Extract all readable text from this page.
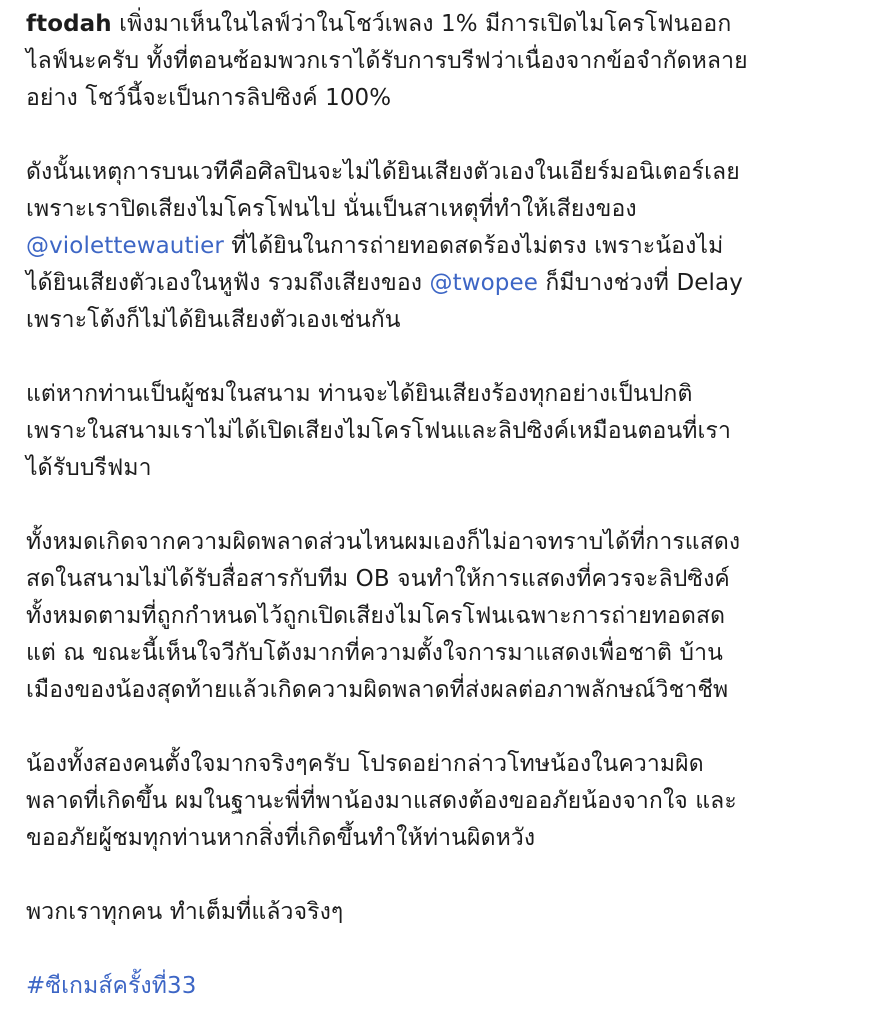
ftodah เพิ่งมาเห็นในไลฟ์ว่าในโชว์เพลง 1% มีการเปิดไมโครโฟนออก
ไลฟ์นะครับ ทั้งที่ตอนซ้อมพวกเราได้รับการบรีฟว่าเนื่องจากข้อจำกัดหลาย
อย่าง โชว์นี้จะเป็นการลิปซิงค์ 100%
ดังนั้นเหตุการบนเวทีคือศิลปินจะไม่ได้ยินเสียงตัวเองในเอียร์มอนิเตอร์เลย
เพราะเราปิดเสียงไมโครโฟนไป นั่นเป็นสาเหตุที่ทำให้เสียงของ
@violettewautier ที่ได้ยินในการถ่ายทอดสดร้องไม่ตรง เพราะน้องไม่
ได้ยินเสียงตัวเองในหูฟัง รวมถึงเสียงของ @twopee ก็มีบางช่วงที่ Delay
เพราะโต้งก็ไม่ได้ยินเสียงตัวเองเช่นกัน
แต่หากท่านเป็นผู้ชมในสนาม ท่านจะได้ยินเสียงร้องทุกอย่างเป็นปกติ
เพราะในสนามเราไม่ได้เปิดเสียงไมโครโฟนและลิปซิงค์เหมือนตอนที่เรา
ได้รับบรีฟมา
ทั้งหมดเกิดจากความผิดพลาดส่วนไหนผมเองก็ไม่อาจทราบได้ที่การแสดง
สดในสนามไม่ได้รับสื่อสารกับทีม OB จนทำให้การแสดงที่ควรจะลิปซิงค์
ทั้งหมดตามที่ถูกกำหนดไว้ถูกเปิดเสียงไมโครโฟนเฉพาะการถ่ายทอดสด
แต่ ณ ขณะนี้เห็นใจวีกับโต้งมากที่ความตั้งใจการมาแสดงเพื่อชาติ บ้าน
เมืองของน้องสุดท้ายแล้วเกิดความผิดพลาดที่ส่งผลต่อภาพลักษณ์วิชาชีพ
น้องทั้งสองคนตั้งใจมากจริงๆครับ โปรดอย่ากล่าวโทษน้องในความผิด
พลาดที่เกิดขึ้น ผมในฐานะพี่ที่พาน้องมาแสดงต้องขออภัยน้องจากใจ และ
ขออภัยผู้ชมทุกท่านหากสิ่งที่เกิดขึ้นทำให้ท่านผิดหวัง
พวกเราทุกคน ทำเต็มที่แล้วจริงๆ
#ซีเกมส์ครั้งที่33
